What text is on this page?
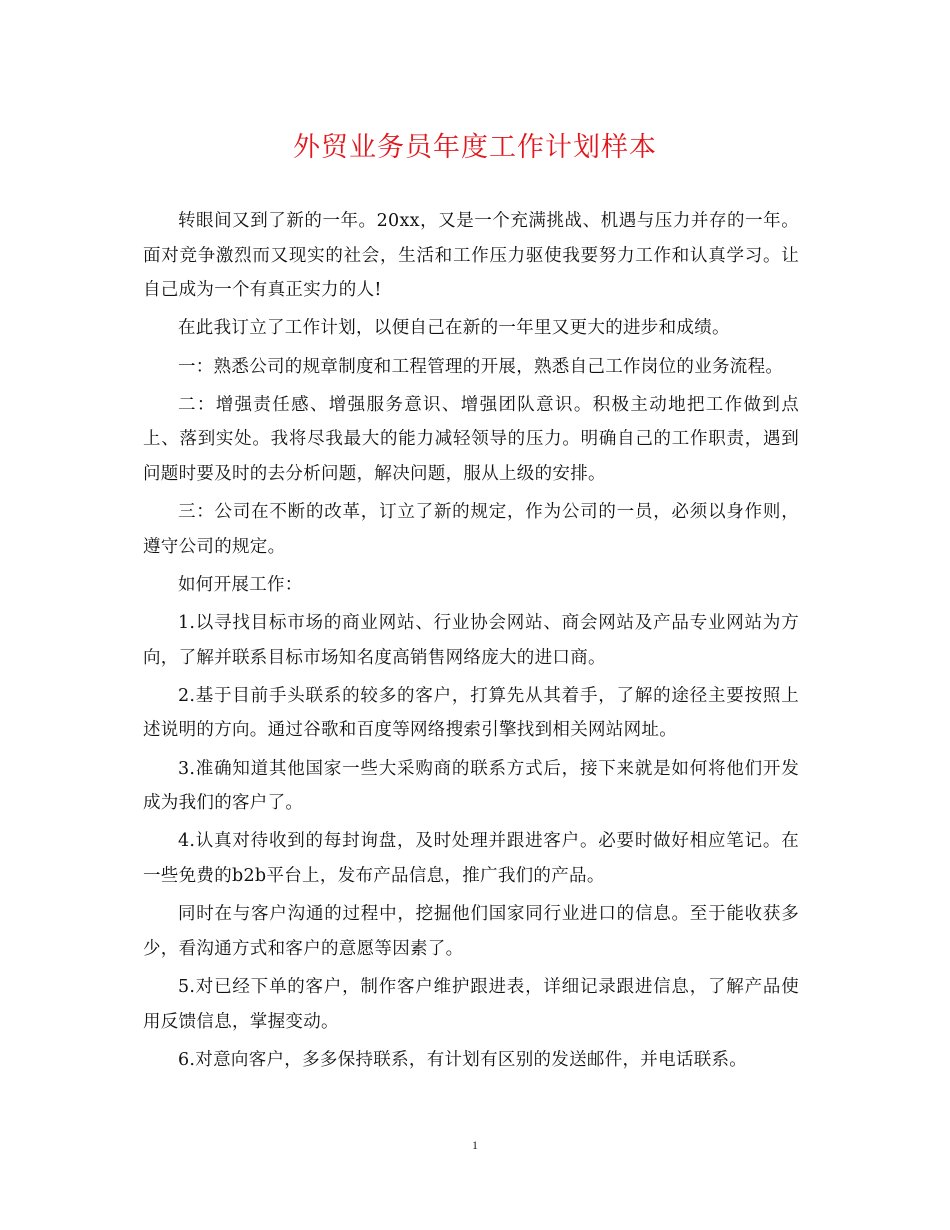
外贸业务员年度工作计划样本

转眼间又到了新的一年。20xx，又是一个充满挑战、机遇与压力并存的一年。面对竞争激烈而又现实的社会，生活和工作压力驱使我要努力工作和认真学习。让自己成为一个有真正实力的人!

在此我订立了工作计划，以便自己在新的一年里又更大的进步和成绩。

一：熟悉公司的规章制度和工程管理的开展，熟悉自己工作岗位的业务流程。

二：增强责任感、增强服务意识、增强团队意识。积极主动地把工作做到点上、落到实处。我将尽我最大的能力减轻领导的压力。明确自己的工作职责，遇到问题时要及时的去分析问题，解决问题，服从上级的安排。

三：公司在不断的改革，订立了新的规定，作为公司的一员，必须以身作则，遵守公司的规定。

如何开展工作：

1.以寻找目标市场的商业网站、行业协会网站、商会网站及产品专业网站为方向，了解并联系目标市场知名度高销售网络庞大的进口商。

2.基于目前手头联系的较多的客户，打算先从其着手，了解的途径主要按照上述说明的方向。通过谷歌和百度等网络搜索引擎找到相关网站网址。

3.准确知道其他国家一些大采购商的联系方式后，接下来就是如何将他们开发成为我们的客户了。

4.认真对待收到的每封询盘，及时处理并跟进客户。必要时做好相应笔记。在一些免费的b2b平台上，发布产品信息，推广我们的产品。

同时在与客户沟通的过程中，挖掘他们国家同行业进口的信息。至于能收获多少，看沟通方式和客户的意愿等因素了。

5.对已经下单的客户，制作客户维护跟进表，详细记录跟进信息，了解产品使用反馈信息，掌握变动。

6.对意向客户，多多保持联系，有计划有区别的发送邮件，并电话联系。

1
